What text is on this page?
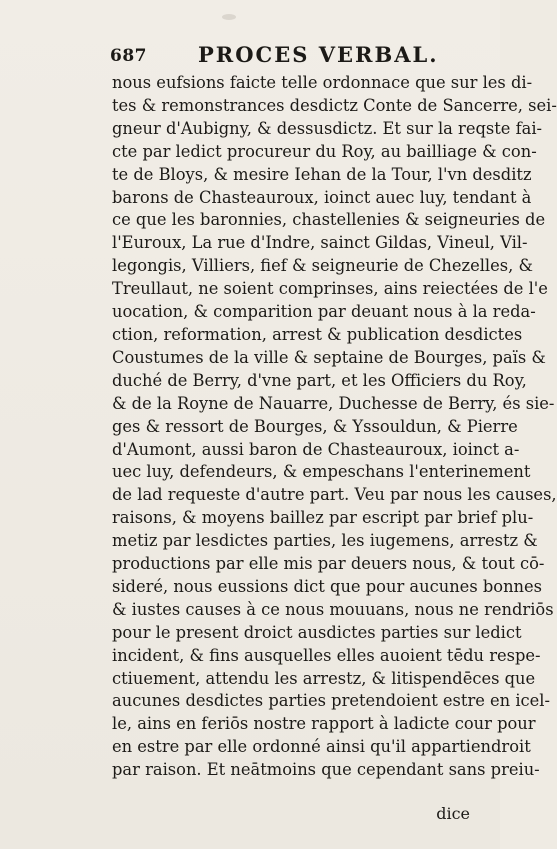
687 PROCES VERBAL.
nous eufsions faicte telle ordonnace que sur les di-
tes & remonstrances desdictz Conte de Sancerre, sei-
gneur d'Aubigny, & dessusdictz. Et sur la reqste fai-
cte par ledict procureur du Roy, au bailliage & con-
te de Bloys, & mesire Iehan de la Tour, l'vn desditz
barons de Chasteauroux, ioinct auec luy, tendant à
ce que les baronnies, chastellenies & seigneuries de
l'Euroux, La rue d'Indre, sainct Gildas, Vineul, Vil-
legongis, Villiers, fief & seigneurie de Chezelles, &
Treullaut, ne soient comprinses, ains reiectées de l'e
uocation, & comparition par deuant nous à la reda-
ction, reformation, arrest & publication desdictes
Coustumes de la ville & septaine de Bourges, païs &
duché de Berry, d'vne part, et les Officiers du Roy,
& de la Royne de Nauarre, Duchesse de Berry, és sie-
ges & ressort de Bourges, & Yssouldun, & Pierre
d'Aumont, aussi baron de Chasteauroux, ioinct a-
uec luy, defendeurs, & empeschans l'enterinement
de lad requeste d'autre part. Veu par nous les causes,
raisons, & moyens baillez par escript par brief plu-
metiz par lesdictes parties, les iugemens, arrestz &
productions par elle mis par deuers nous, & tout cō-
sideré, nous eussions dict que pour aucunes bonnes
& iustes causes à ce nous mouuans, nous ne rendriōs
pour le present droict ausdictes parties sur ledict
incident, & fins ausquelles elles auoient tēdu respe-
ctiuement, attendu les arrestz, & litispendēces que
aucunes desdictes parties pretendoient estre en icel-
le, ains en feriōs nostre rapport à ladicte cour pour
en estre par elle ordonné ainsi qu'il appartiendroit
par raison. Et neātmoins que cependant sans preiu-
dice
